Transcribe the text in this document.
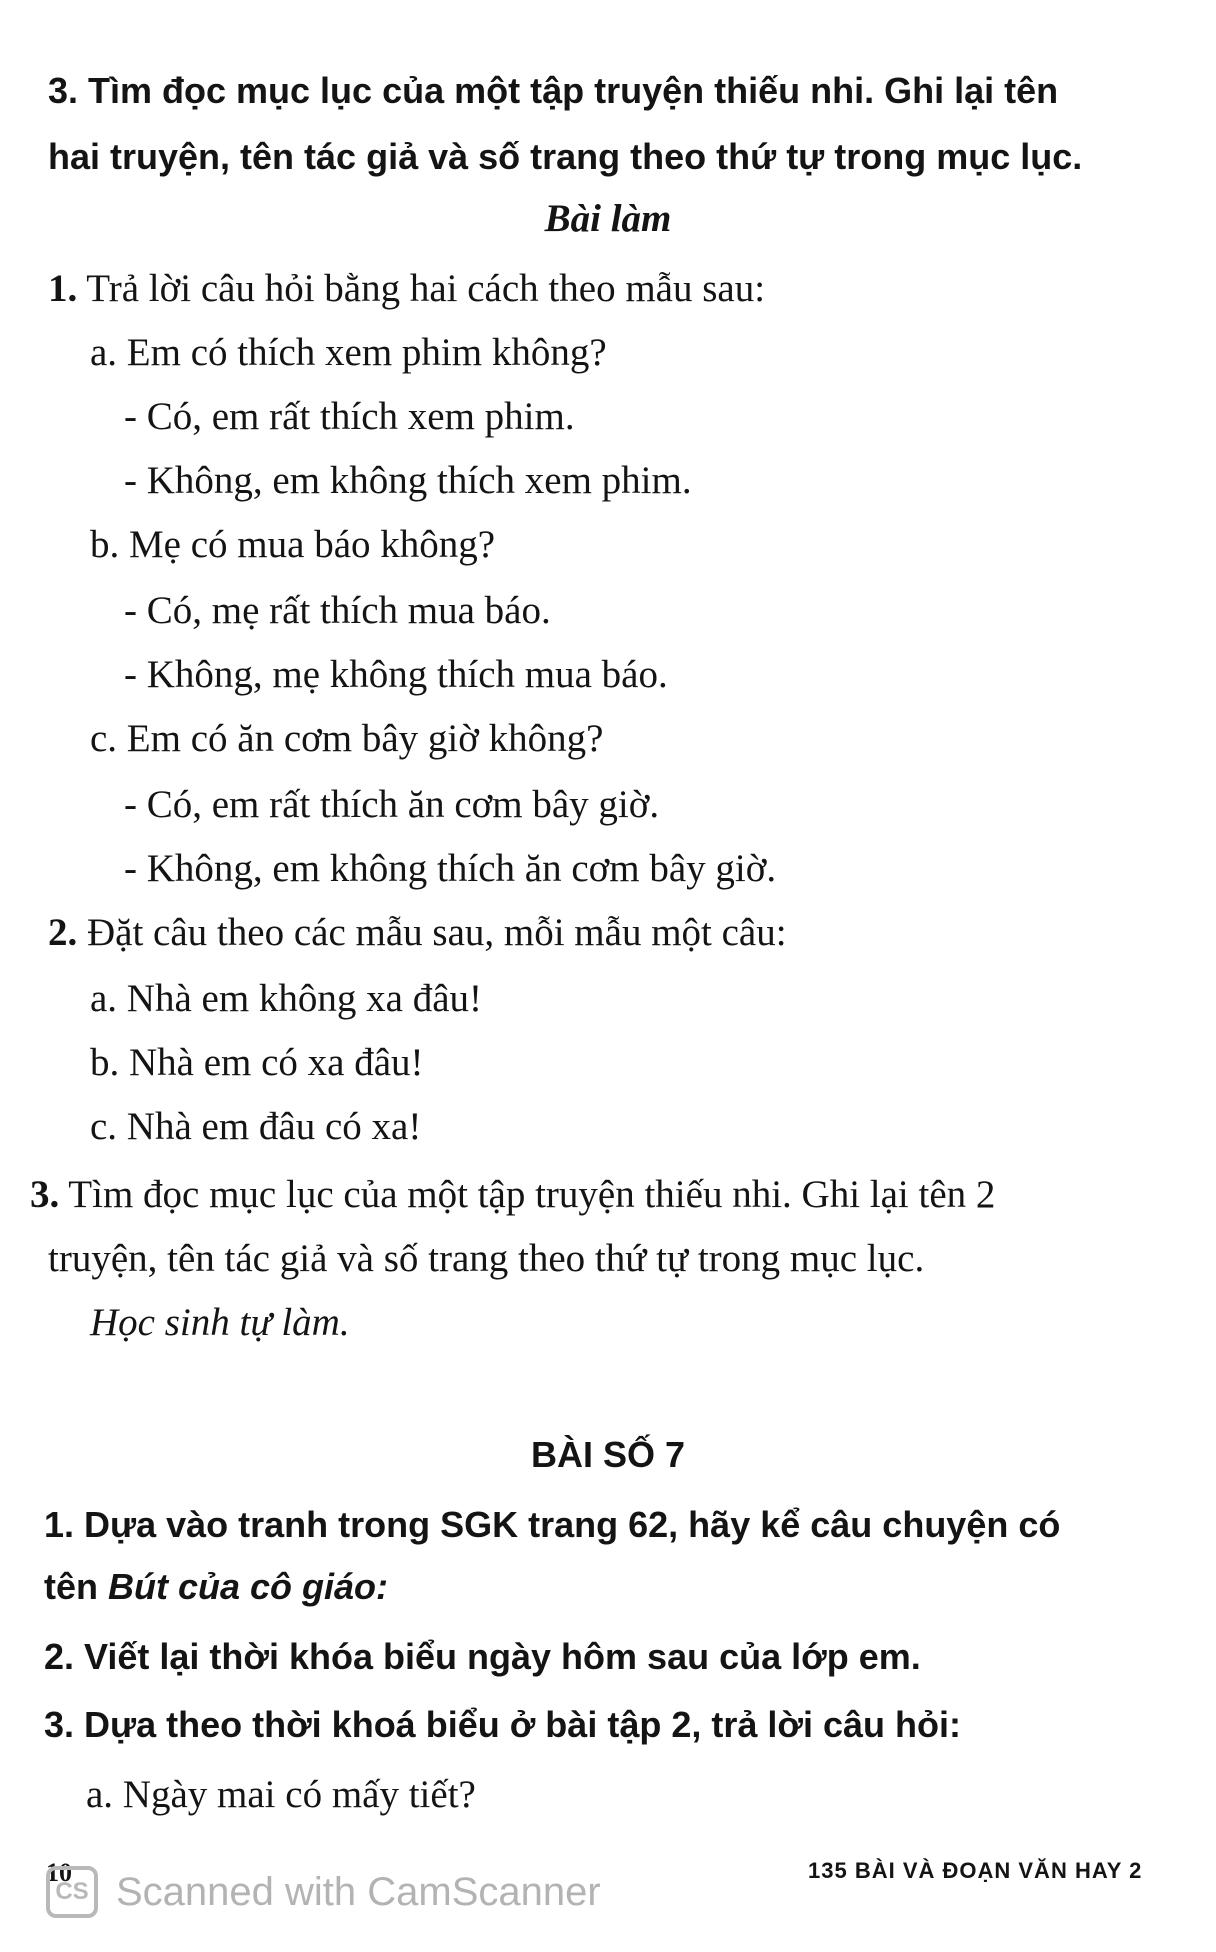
3. Tìm đọc mục lục của một tập truyện thiếu nhi. Ghi lại tên
hai truyện, tên tác giả và số trang theo thứ tự trong mục lục.
Bài làm
1. Trả lời câu hỏi bằng hai cách theo mẫu sau:
a. Em có thích xem phim không?
- Có, em rất thích xem phim.
- Không, em không thích xem phim.
b. Mẹ có mua báo không?
- Có, mẹ rất thích mua báo.
- Không, mẹ không thích mua báo.
c. Em có ăn cơm bây giờ không?
- Có, em rất thích ăn cơm bây giờ.
- Không, em không thích ăn cơm bây giờ.
2. Đặt câu theo các mẫu sau, mỗi mẫu một câu:
a. Nhà em không xa đâu!
b. Nhà em có xa đâu!
c. Nhà em đâu có xa!
3. Tìm đọc mục lục của một tập truyện thiếu nhi. Ghi lại tên 2
truyện, tên tác giả và số trang theo thứ tự trong mục lục.
Học sinh tự làm.
BÀI SỐ 7
1. Dựa vào tranh trong SGK trang 62, hãy kể câu chuyện có
tên Bút của cô giáo:
2. Viết lại thời khóa biểu ngày hôm sau của lớp em.
3. Dựa theo thời khoá biểu ở bài tập 2, trả lời câu hỏi:
a. Ngày mai có mấy tiết?
10	135 BÀI VÀ ĐOẠN VĂN HAY 2
CS Scanned with CamScanner
